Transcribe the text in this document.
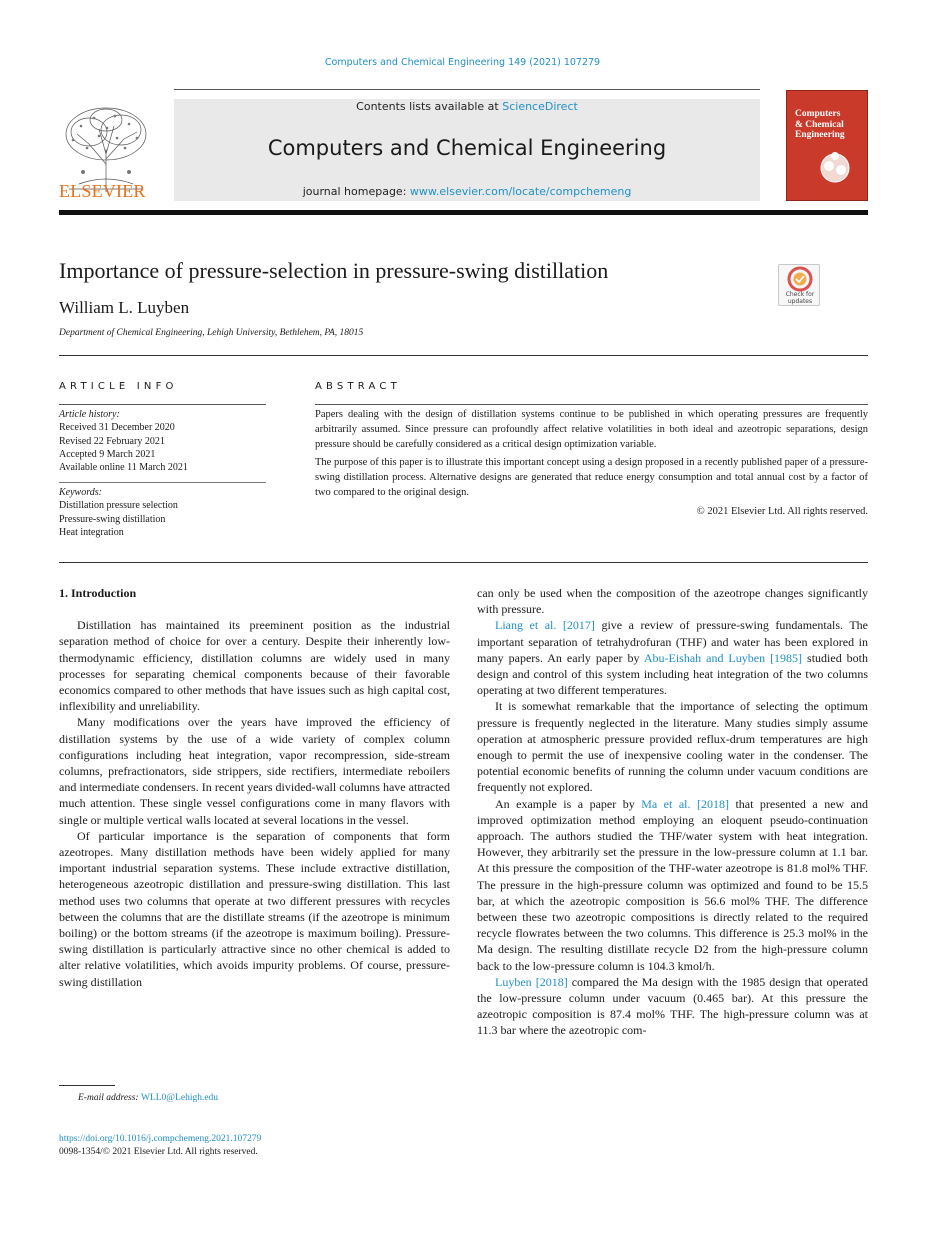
Computers and Chemical Engineering 149 (2021) 107279
ELSEVIER
Contents lists available at ScienceDirect
Computers and Chemical Engineering
journal homepage: www.elsevier.com/locate/compchemeng
Computers
& Chemical
Engineering
Importance of pressure-selection in pressure-swing distillation
Check for
updates
William L. Luyben
Department of Chemical Engineering, Lehigh University, Bethlehem, PA, 18015
ARTICLE INFO	ABSTRACT
Article history:
Received 31 December 2020
Revised 22 February 2021
Accepted 9 March 2021
Available online 11 March 2021
Keywords:
Distillation pressure selection
Pressure-swing distillation
Heat integration

Papers dealing with the design of distillation systems continue to be published in which operating pressures are frequently arbitrarily assumed. Since pressure can profoundly affect relative volatilities in both ideal and azeotropic separations, design pressure should be carefully considered as a critical design optimization variable.

The purpose of this paper is to illustrate this important concept using a design proposed in a recently published paper of a pressure-swing distillation process. Alternative designs are generated that reduce energy consumption and total annual cost by a factor of two compared to the original design.

© 2021 Elsevier Ltd. All rights reserved.
1. Introduction

Distillation has maintained its preeminent position as the industrial separation method of choice for over a century. Despite their inherently low-thermodynamic efficiency, distillation columns are widely used in many processes for separating chemical components because of their favorable economics compared to other methods that have issues such as high capital cost, inflexibility and unreliability.

Many modifications over the years have improved the efficiency of distillation systems by the use of a wide variety of complex column configurations including heat integration, vapor recompression, side-stream columns, prefractionators, side strippers, side rectifiers, intermediate reboilers and intermediate condensers. In recent years divided-wall columns have attracted much attention. These single vessel configurations come in many flavors with single or multiple vertical walls located at several locations in the vessel.

Of particular importance is the separation of components that form azeotropes. Many distillation methods have been widely applied for many important industrial separation systems. These include extractive distillation, heterogeneous azeotropic distillation and pressure-swing distillation. This last method uses two columns that operate at two different pressures with recycles between the columns that are the distillate streams (if the azeotrope is minimum boiling) or the bottom streams (if the azeotrope is maximum boiling). Pressure-swing distillation is particularly attractive since no other chemical is added to alter relative volatilities, which avoids impurity problems. Of course, pressure-swing distillation

can only be used when the composition of the azeotrope changes significantly with pressure.

Liang et al. [2017] give a review of pressure-swing fundamentals. The important separation of tetrahydrofuran (THF) and water has been explored in many papers. An early paper by Abu-Eishah and Luyben [1985] studied both design and control of this system including heat integration of the two columns operating at two different temperatures.

It is somewhat remarkable that the importance of selecting the optimum pressure is frequently neglected in the literature. Many studies simply assume operation at atmospheric pressure provided reflux-drum temperatures are high enough to permit the use of inexpensive cooling water in the condenser. The potential economic benefits of running the column under vacuum conditions are frequently not explored.

An example is a paper by Ma et al. [2018] that presented a new and improved optimization method employing an eloquent pseudo-continuation approach. The authors studied the THF/water system with heat integration. However, they arbitrarily set the pressure in the low-pressure column at 1.1 bar. At this pressure the composition of the THF-water azeotrope is 81.8 mol% THF. The pressure in the high-pressure column was optimized and found to be 15.5 bar, at which the azeotropic composition is 56.6 mol% THF. The difference between these two azeotropic compositions is directly related to the required recycle flowrates between the two columns. This difference is 25.3 mol% in the Ma design. The resulting distillate recycle D2 from the high-pressure column back to the low-pressure column is 104.3 kmol/h.

Luyben [2018] compared the Ma design with the 1985 design that operated the low-pressure column under vacuum (0.465 bar). At this pressure the azeotropic composition is 87.4 mol% THF. The high-pressure column was at 11.3 bar where the azeotropic com-

E-mail address: WLL0@Lehigh.edu
https://doi.org/10.1016/j.compchemeng.2021.107279
0098-1354/© 2021 Elsevier Ltd. All rights reserved.
